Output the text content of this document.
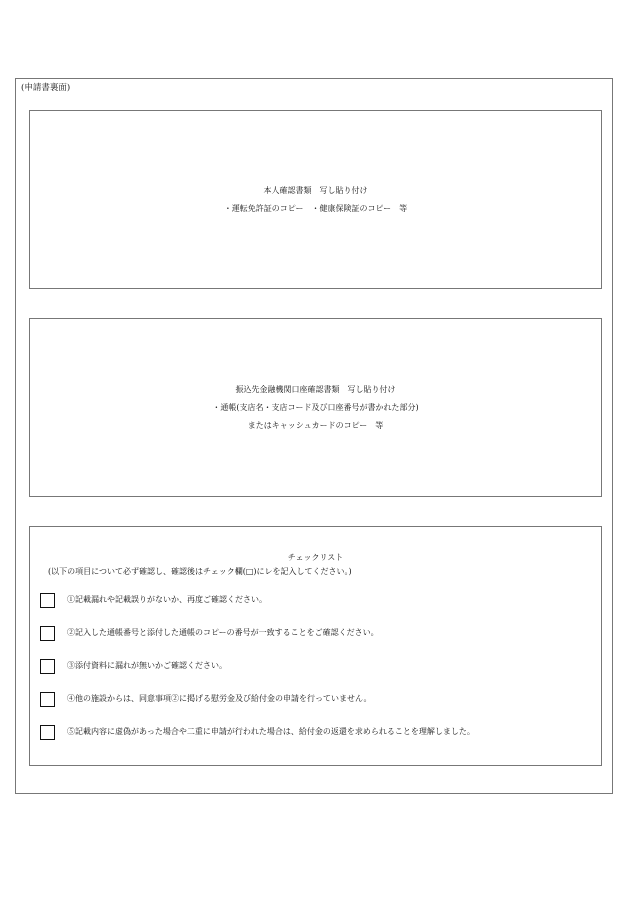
(申請書裏面)
本人確認書類　写し貼り付け
・運転免許証のコピー　・健康保険証のコピー　等
振込先金融機関口座確認書類　写し貼り付け
・通帳(支店名・支店コード及び口座番号が書かれた部分)
またはキャッシュカードのコピー　等
チェックリスト
(以下の項目について必ず確認し、確認後はチェック欄(□)にレを記入してください。)
①記載漏れや記載誤りがないか、再度ご確認ください。
②記入した通帳番号と添付した通帳のコピーの番号が一致することをご確認ください。
③添付資料に漏れが無いかご確認ください。
④他の施設からは、同意事項②に掲げる慰労金及び給付金の申請を行っていません。
⑤記載内容に虚偽があった場合や二重に申請が行われた場合は、給付金の返還を求められることを理解しました。
